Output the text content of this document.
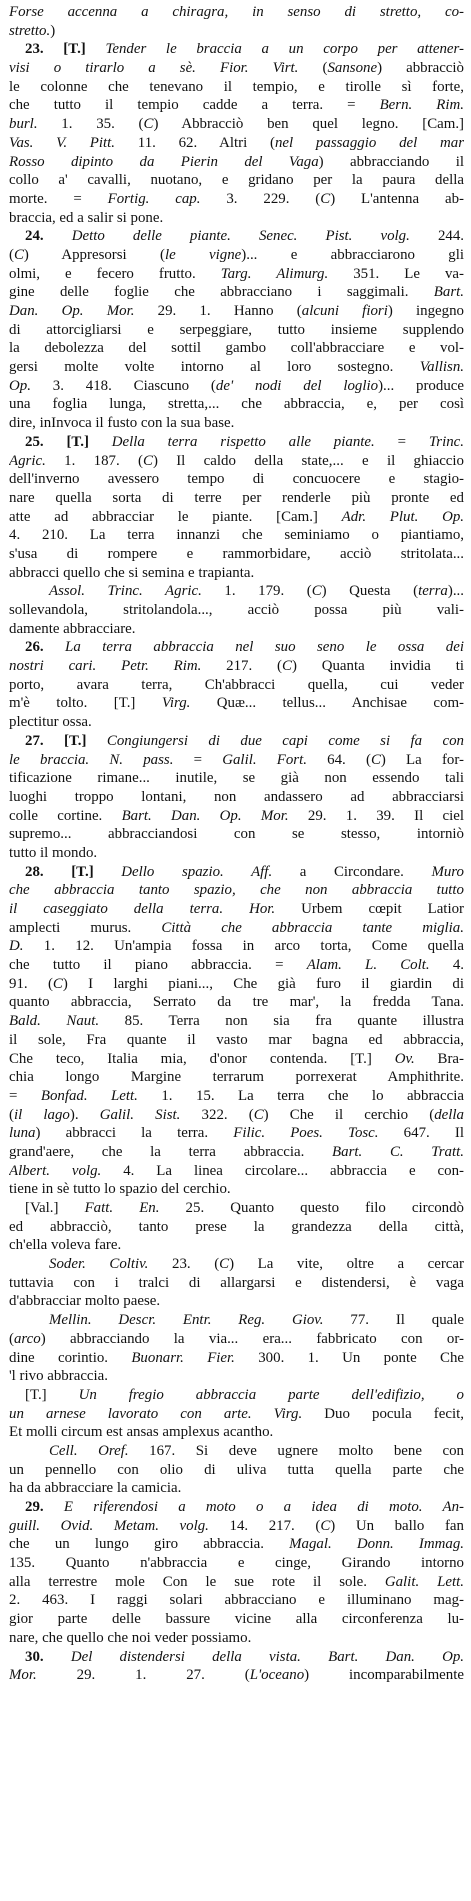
Forse accenna a chiragra, in senso di stretto, co-
stretto.)
23. [T.] Tender le braccia a un corpo per attener-
visi o tirarlo a sè. Fior. Virt. (Sansone) abbracciò
le colonne che tenevano il tempio, e tirolle sì forte,
che tutto il tempio cadde a terra. = Bern. Rim.
burl. 1. 35. (C) Abbracciò ben quel legno. [Cam.]
Vas. V. Pitt. 11. 62. Altri (nel passaggio del mar
Rosso dipinto da Pierin del Vaga) abbracciando il
collo a' cavalli, nuotano, e gridano per la paura della
morte. = Fortig. cap. 3. 229. (C) L'antenna ab-
braccia, ed a salir si pone.
24. Detto delle piante. Senec. Pist. volg. 244.
(C) Appresorsi (le vigne)... e abbracciarono gli
olmi, e fecero frutto. Targ. Alimurg. 351. Le va-
gine delle foglie che abbracciano i saggimali. Bart.
Dan. Op. Mor. 29. 1. Hanno (alcuni fiori) ingegno
di attorcigliarsi e serpeggiare, tutto insieme supplendo
la debolezza del sottil gambo coll'abbracciare e vol-
gersi molte volte intorno al loro sostegno. Vallisn.
Op. 3. 418. Ciascuno (de' nodi del loglio)... produce
una foglia lunga, stretta,... che abbraccia, e, per così
dire, inInvoca il fusto con la sua base.
25. [T.] Della terra rispetto alle piante. = Trinc.
Agric. 1. 187. (C) Il caldo della state,... e il ghiaccio
dell'inverno avessero tempo di concuocere e stagio-
nare quella sorta di terre per renderle più pronte ed
atte ad abbracciar le piante. [Cam.] Adr. Plut. Op.
4. 210. La terra innanzi che seminiamo o piantiamo,
s'usa di rompere e rammorbidare, acciò stritolata...
abbracci quello che si semina e trapianta.
Assol. Trinc. Agric. 1. 179. (C) Questa (terra)...
sollevandola, stritolandola..., acciò possa più vali-
damente abbracciare.
26. La terra abbraccia nel suo seno le ossa dei
nostri cari. Petr. Rim. 217. (C) Quanta invidia ti
porto, avara terra, Ch'abbracci quella, cui veder
m'è tolto. [T.] Virg. Quæ... tellus... Anchisae com-
plectitur ossa.
27. [T.] Congiungersi di due capi come si fa con
le braccia. N. pass. = Galil. Fort. 64. (C) La for-
tificazione rimane... inutile, se già non essendo tali
luoghi troppo lontani, non andassero ad abbracciarsi
colle cortine. Bart. Dan. Op. Mor. 29. 1. 39. Il ciel
supremo... abbracciandosi con se stesso, intorniò
tutto il mondo.
28. [T.] Dello spazio. Aff. a Circondare. Muro
che abbraccia tanto spazio, che non abbraccia tutto
il caseggiato della terra. Hor. Urbem cœpit Latior
amplecti murus. Città che abbraccia tante miglia.
D. 1. 12. Un'ampia fossa in arco torta, Come quella
che tutto il piano abbraccia. = Alam. L. Colt. 4.
91. (C) I larghi piani..., Che già furo il giardin di
quanto abbraccia, Serrato da tre mar', la fredda Tana.
Bald. Naut. 85. Terra non sia fra quante illustra
il sole, Fra quante il vasto mar bagna ed abbraccia,
Che teco, Italia mia, d'onor contenda. [T.] Ov. Bra-
chia longo Margine terrarum porrexerat Amphithrite.
= Bonfad. Lett. 1. 15. La terra che lo abbraccia
(il lago). Galil. Sist. 322. (C) Che il cerchio (della
luna) abbracci la terra. Filic. Poes. Tosc. 647. Il
grand'aere, che la terra abbraccia. Bart. C. Tratt.
Albert. volg. 4. La linea circolare... abbraccia e con-
tiene in sè tutto lo spazio del cerchio.
[Val.] Fatt. En. 25. Quanto questo filo circondò
ed abbracciò, tanto prese la grandezza della città,
ch'ella voleva fare.
Soder. Coltiv. 23. (C) La vite, oltre a cercar
tuttavia con i tralci di allargarsi e distendersi, è vaga
d'abbracciar molto paese.
Mellin. Descr. Entr. Reg. Giov. 77. Il quale
(arco) abbracciando la via... era... fabbricato con or-
dine corintio. Buonarr. Fier. 300. 1. Un ponte Che
'l rivo abbraccia.
[T.] Un fregio abbraccia parte dell'edifizio, o
un arnese lavorato con arte. Virg. Duo pocula fecit,
Et molli circum est ansas amplexus acantho.
Cell. Oref. 167. Si deve ugnere molto bene con
un pennello con olio di uliva tutta quella parte che
ha da abbracciare la camicia.
29. E riferendosi a moto o a idea di moto. An-
guill. Ovid. Metam. volg. 14. 217. (C) Un ballo fan
che un lungo giro abbraccia. Magal. Donn. Immag.
135. Quanto n'abbraccia e cinge, Girando intorno
alla terrestre mole Con le sue rote il sole. Galit. Lett.
2. 463. I raggi solari abbracciano e illuminano mag-
gior parte delle bassure vicine alla circonferenza lu-
nare, che quello che noi veder possiamo.
30. Del distendersi della vista. Bart. Dan. Op.
Mor. 29. 1. 27. (L'oceano) incomparabilmente
